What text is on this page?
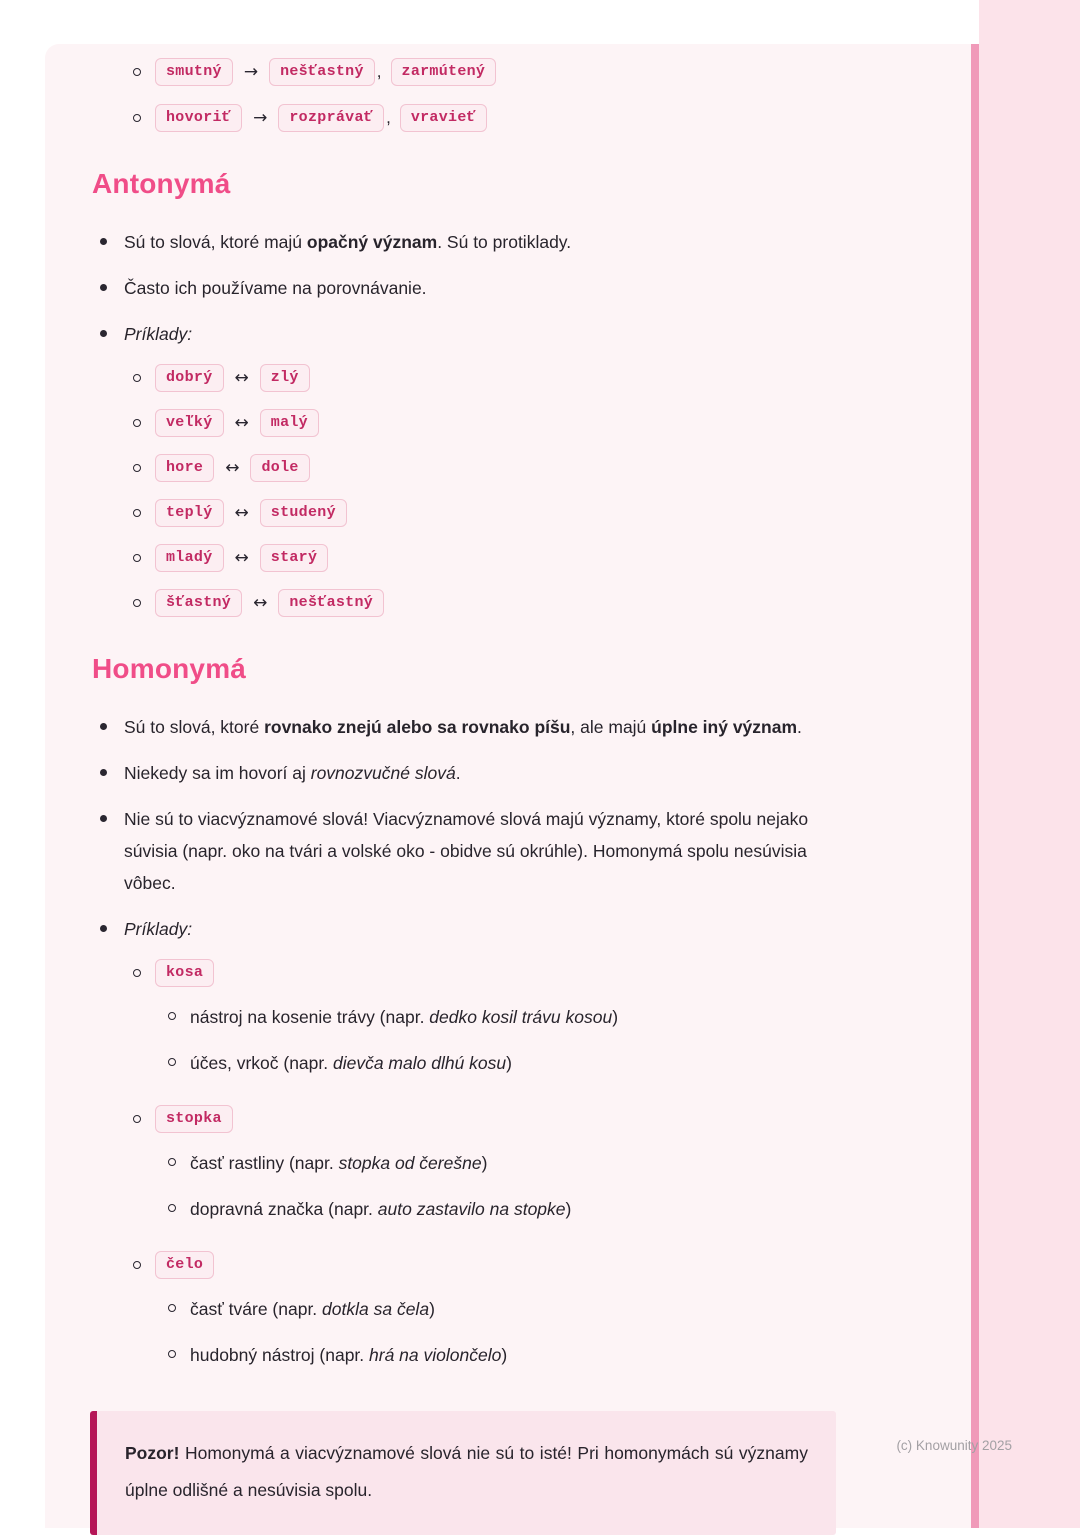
smutný	→	nešťastný ,	zarmútený
hovoriť	→	rozprávať ,	vravieť
Antonymá

Sú to slová, ktoré majú opačný význam. Sú to protiklady.

Často ich používame na porovnávanie.

Príklady:

dobrý	↔	zlý
veľký	↔	malý
hore	↔	dole
teplý	↔	studený
mladý	↔	starý
šťastný	↔	nešťastný
Homonymá

Sú to slová, ktoré rovnako znejú alebo sa rovnako píšu, ale majú úplne iný význam.

Niekedy sa im hovorí aj rovnozvučné slová.

Nie sú to viacvýznamové slová! Viacvýznamové slová majú významy, ktoré spolu nejako súvisia (napr. oko na tvári a volské oko - obidve sú okrúhle). Homonymá spolu nesúvisia vôbec.

Príklady:

kosa

nástroj na kosenie trávy (napr. dedko kosil trávu kosou)

účes, vrkoč (napr. dievča malo dlhú kosu)

stopka

časť rastliny (napr. stopka od čerešne)

dopravná značka (napr. auto zastavilo na stopke)

čelo

časť tváre (napr. dotkla sa čela)

hudobný nástroj (napr. hrá na violončelo)

Pozor! Homonymá a viacvýznamové slová nie sú to isté! Pri homonymách sú významy úplne odlišné a nesúvisia spolu.

(c) Knowunity 2025
